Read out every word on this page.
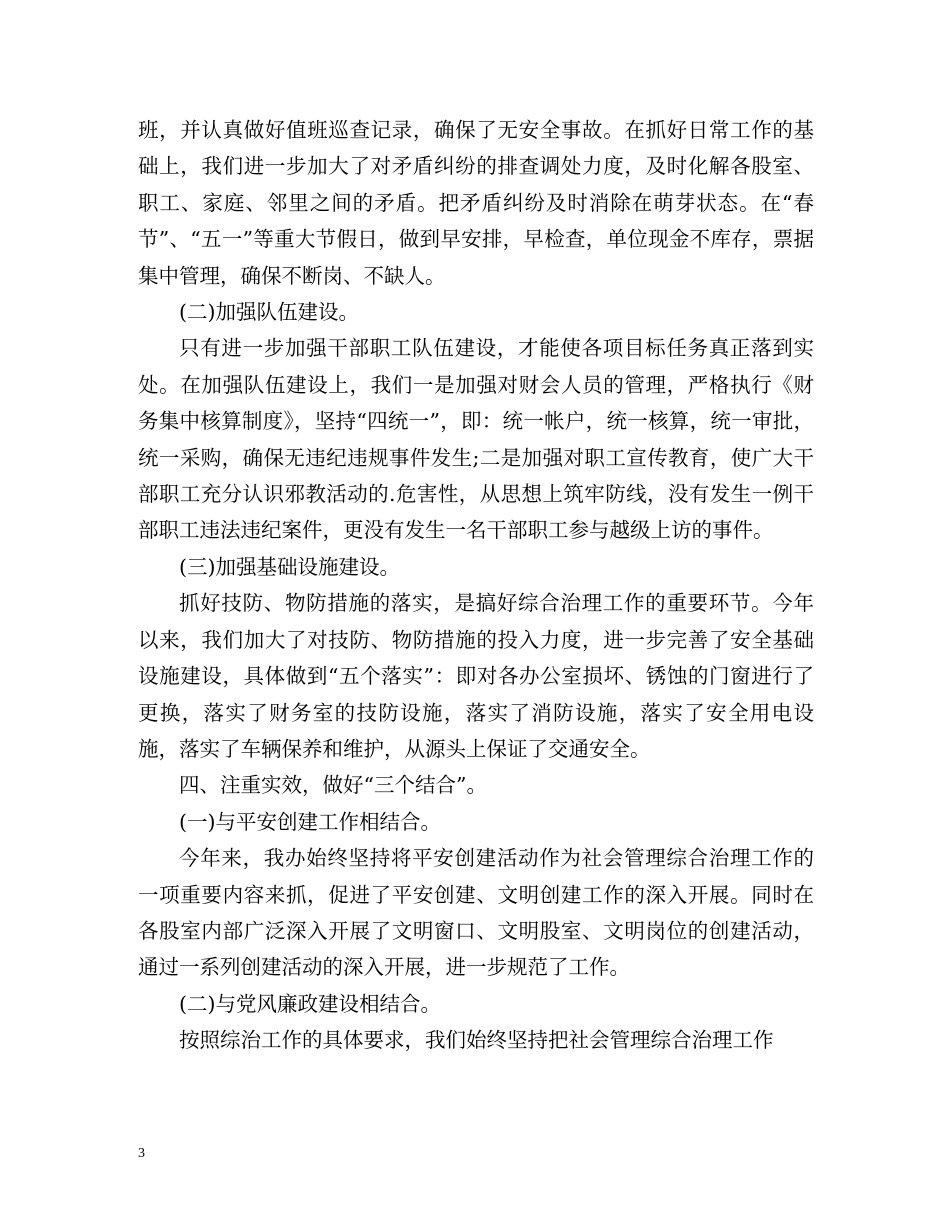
班，并认真做好值班巡查记录，确保了无安全事故。在抓好日常工作的基础上，我们进一步加大了对矛盾纠纷的排查调处力度，及时化解各股室、职工、家庭、邻里之间的矛盾。把矛盾纠纷及时消除在萌芽状态。在“春节”、“五一”等重大节假日，做到早安排，早检查，单位现金不库存，票据集中管理，确保不断岗、不缺人。

(二)加强队伍建设。

只有进一步加强干部职工队伍建设，才能使各项目标任务真正落到实处。在加强队伍建设上，我们一是加强对财会人员的管理，严格执行《财务集中核算制度》，坚持“四统一”，即：统一帐户，统一核算，统一审批，统一采购，确保无违纪违规事件发生;二是加强对职工宣传教育，使广大干部职工充分认识邪教活动的.危害性，从思想上筑牢防线，没有发生一例干部职工违法违纪案件，更没有发生一名干部职工参与越级上访的事件。

(三)加强基础设施建设。

抓好技防、物防措施的落实，是搞好综合治理工作的重要环节。今年以来，我们加大了对技防、物防措施的投入力度，进一步完善了安全基础设施建设，具体做到“五个落实”：即对各办公室损坏、锈蚀的门窗进行了更换，落实了财务室的技防设施，落实了消防设施，落实了安全用电设施，落实了车辆保养和维护，从源头上保证了交通安全。

四、注重实效，做好“三个结合”。

(一)与平安创建工作相结合。

今年来，我办始终坚持将平安创建活动作为社会管理综合治理工作的一项重要内容来抓，促进了平安创建、文明创建工作的深入开展。同时在各股室内部广泛深入开展了文明窗口、文明股室、文明岗位的创建活动，通过一系列创建活动的深入开展，进一步规范了工作。

(二)与党风廉政建设相结合。

按照综治工作的具体要求，我们始终坚持把社会管理综合治理工作

3
